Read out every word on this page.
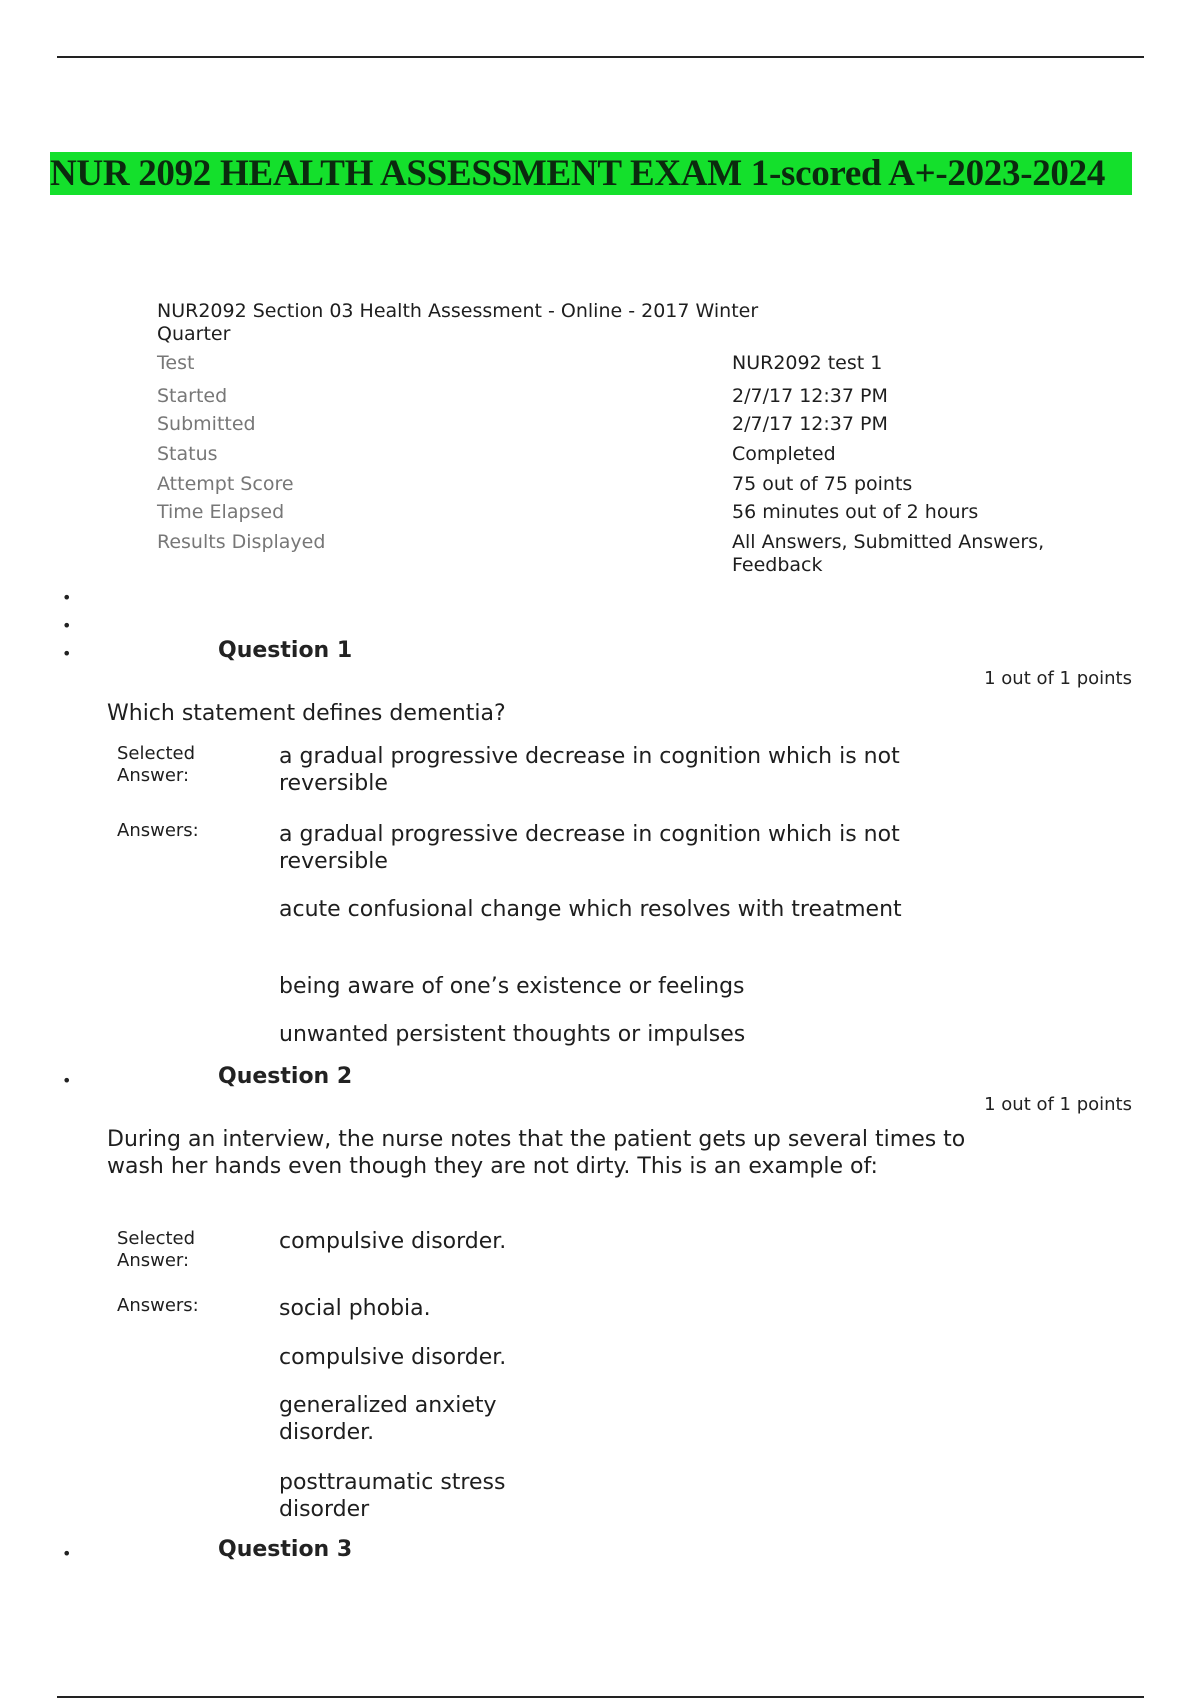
NUR 2092 HEALTH ASSESSMENT EXAM 1-scored A+-2023-2024
NUR2092 Section 03 Health Assessment - Online - 2017 Winter Quarter
Test	NUR2092 test 1
Started	2/7/17 12:37 PM
Submitted	2/7/17 12:37 PM
Status	Completed
Attempt Score	75 out of 75 points
Time Elapsed	56 minutes out of 2 hours
Results Displayed	All Answers, Submitted Answers, Feedback
•
•
•	Question 1
1 out of 1 points
Which statement defines dementia?
Selected Answer:
a gradual progressive decrease in cognition which is not reversible
Answers:	a gradual progressive decrease in cognition which is not reversible
acute confusional change which resolves with treatment
being aware of one’s existence or feelings
unwanted persistent thoughts or impulses
•	Question 2
1 out of 1 points
During an interview, the nurse notes that the patient gets up several times to wash her hands even though they are not dirty. This is an example of:
Selected Answer:
compulsive disorder.
Answers:	social phobia.
compulsive disorder.
generalized anxiety disorder.
posttraumatic stress disorder
•	Question 3
